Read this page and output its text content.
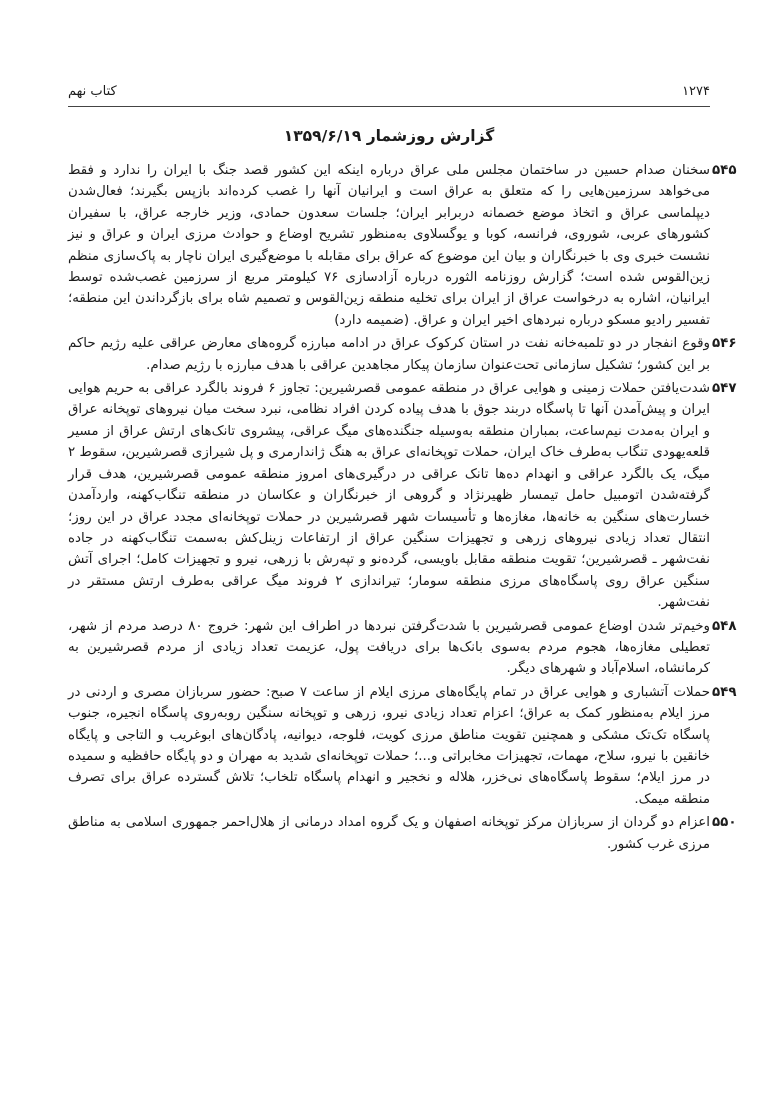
۱۲۷۴
کتاب نهم
گزارش روزشمار ۱۳۵۹/۶/۱۹
۵۴۵
سخنان صدام حسین در ساختمان مجلس ملی عراق درباره اینکه این کشور قصد جنگ با ایران را ندارد و فقط می‌خواهد سرزمین‌هایی را که متعلق به عراق است و ایرانیان آنها را غصب کرده‌اند بازپس بگیرند؛ فعال‌شدن دیپلماسی عراق و اتخاذ موضع خصمانه دربرابر ایران؛ جلسات سعدون حمادی، وزیر خارجه عراق، با سفیران کشورهای عربی، شوروی، فرانسه، کوبا و یوگسلاوی به‌منظور تشریح اوضاع و حوادث مرزی ایران و عراق و نیز نشست خبری وی با خبرنگاران و بیان این موضوع که عراق برای مقابله با موضع‌گیری ایران ناچار به پاک‌سازی منظم زین‌القوس شده است؛ گزارش روزنامه الثوره درباره آزادسازی ۷۶ کیلومتر مربع از سرزمین غصب‌شده توسط ایرانیان، اشاره به درخواست عراق از ایران برای تخلیه منطقه زین‌القوس و تصمیم شاه برای بازگرداندن این منطقه؛ تفسیر رادیو مسکو درباره نبردهای اخیر ایران و عراق. (ضمیمه دارد)
۵۴۶
وقوع انفجار در دو تلمبه‌خانه نفت در استان کرکوک عراق در ادامه مبارزه گروه‌های معارض عراقی علیه رژیم حاکم بر این کشور؛ تشکیل سازمانی تحت‌عنوان سازمان پیکار مجاهدین عراقی با هدف مبارزه با رژیم صدام.
۵۴۷
شدت‌یافتن حملات زمینی و هوایی عراق در منطقه عمومی قصرشیرین: تجاوز ۶ فروند بالگرد عراقی به حریم هوایی ایران و پیش‌آمدن آنها تا پاسگاه دربند جوق با هدف پیاده کردن افراد نظامی، نبرد سخت میان نیروهای توپخانه عراق و ایران به‌مدت نیم‌ساعت، بمباران منطقه به‌وسیله جنگنده‌های میگ عراقی، پیشروی تانک‌های ارتش عراق از مسیر قلعه‌یهودی تنگاب به‌طرف خاک ایران، حملات توپخانه‌ای عراق به هنگ ژاندارمری و پل شیرازی قصرشیرین، سقوط ۲ میگ، یک بالگرد عراقی و انهدام ده‌ها تانک عراقی در درگیری‌های امروز منطقه عمومی قصرشیرین، هدف قرار گرفته‌شدن اتومبیل حامل تیمسار ظهیرنژاد و گروهی از خبرنگاران و عکاسان در منطقه تنگاب‌کهنه، واردآمدن خسارت‌های سنگین به خانه‌ها، مغازه‌ها و تأسیسات شهر قصرشیرین در حملات توپخانه‌ای مجدد عراق در این روز؛ انتقال تعداد زیادی نیروهای زرهی و تجهیزات سنگین عراق از ارتفاعات زینل‌کش به‌سمت تنگاب‌کهنه در جاده نفت‌شهر ـ قصرشیرین؛ تقویت منطقه مقابل باویسی، گرده‌نو و تپه‌رش با زرهی، نیرو و تجهیزات کامل؛ اجرای آتش سنگین عراق روی پاسگاه‌های مرزی منطقه سومار؛ تیراندازی ۲ فروند میگ عراقی به‌طرف ارتش مستقر در نفت‌شهر.
۵۴۸
وخیم‌تر شدن اوضاع عمومی قصرشیرین با شدت‌گرفتن نبردها در اطراف این شهر: خروج ۸۰ درصد مردم از شهر، تعطیلی مغازه‌ها، هجوم مردم به‌سوی بانک‌ها برای دریافت پول، عزیمت تعداد زیادی از مردم قصرشیرین به کرمانشاه، اسلام‌آباد و شهرهای دیگر.
۵۴۹
حملات آتشباری و هوایی عراق در تمام پایگاه‌های مرزی ایلام از ساعت ۷ صبح: حضور سربازان مصری و اردنی در مرز ایلام به‌منظور کمک به عراق؛ اعزام تعداد زیادی نیرو، زرهی و توپخانه سنگین روبه‌روی پاسگاه انجیره، جنوب پاسگاه تک‌تک مشکی و همچنین تقویت مناطق مرزی کویت، فلوجه، دیوانیه، پادگان‌های ابوغریب و التاجی و پایگاه خانقین با نیرو، سلاح، مهمات، تجهیزات مخابراتی و...؛ حملات توپخانه‌ای شدید به مهران و دو پایگاه حافظیه و سمیده در مرز ایلام؛ سقوط پاسگاه‌های نی‌خزر، هلاله و نخجیر و انهدام پاسگاه تلخاب؛ تلاش گسترده عراق برای تصرف منطقه میمک.
۵۵۰
اعزام دو گردان از سربازان مرکز توپخانه اصفهان و یک گروه امداد درمانی از هلال‌احمر جمهوری اسلامی به مناطق مرزی غرب کشور.
